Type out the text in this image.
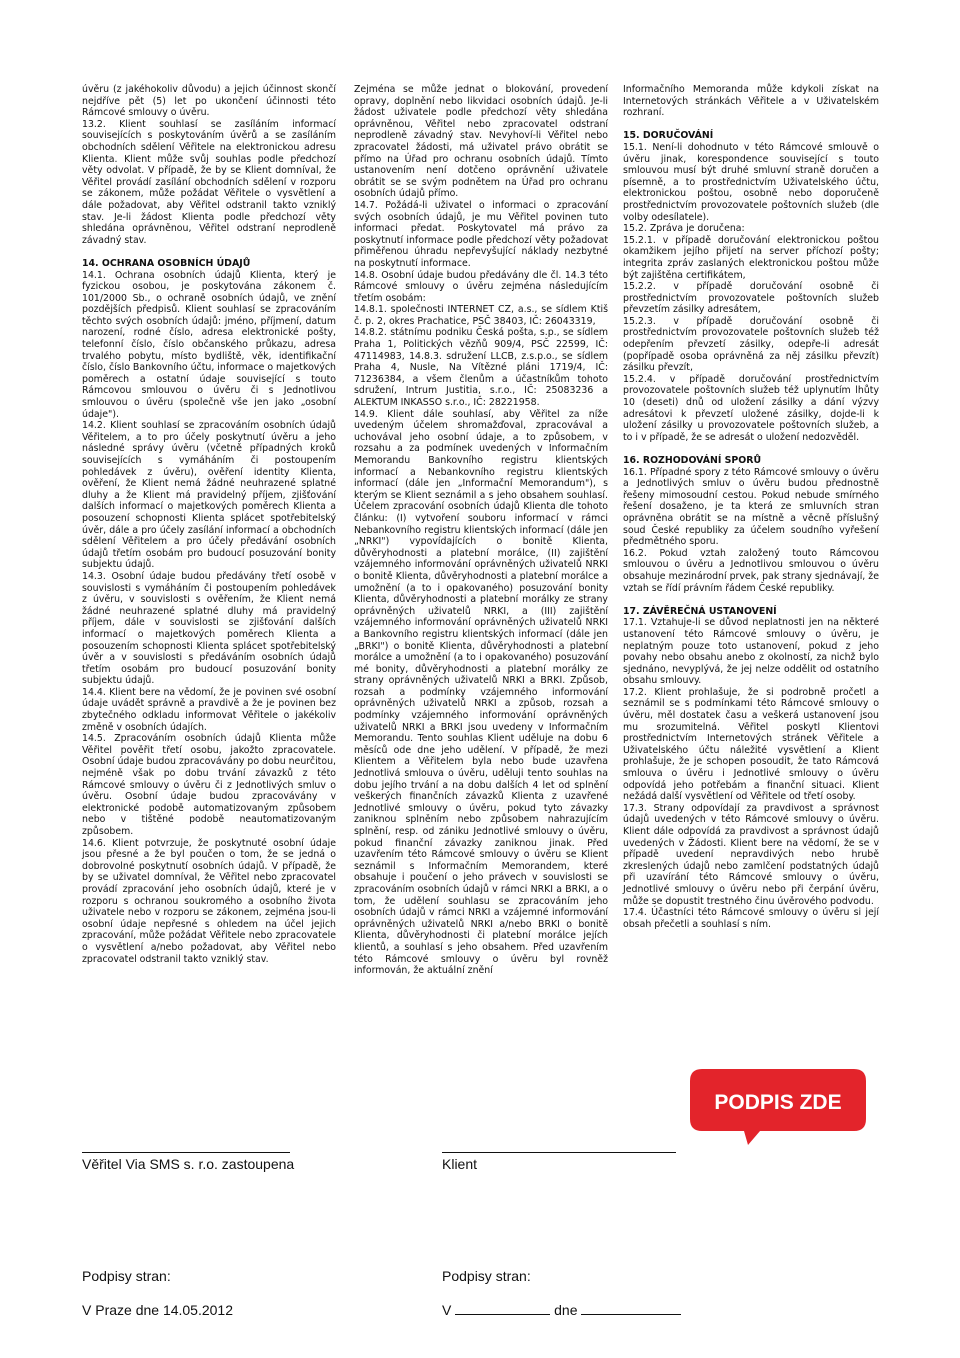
úvěru (z jakéhokoliv důvodu) a jejich účinnost skončí nejdříve pět (5) let po ukončení účinnosti této Rámcové smlouvy o úvěru.

13.2. Klient souhlasí se zasíláním informací souvisejících s poskytováním úvěrů a se zasíláním obchodních sdělení Věřitele na elektronickou adresu Klienta. Klient může svůj souhlas podle předchozí věty odvolat. V případě, že by se Klient domníval, že Věřitel provádí zasílání obchodních sdělení v rozporu se zákonem, může požádat Věřitele o vysvětlení a dále požadovat, aby Věřitel odstranil takto vzniklý stav. Je-li žádost Klienta podle předchozí věty shledána oprávněnou, Věřitel odstraní neprodleně závadný stav.

14. OCHRANA OSOBNÍCH ÚDAJŮ

14.1. Ochrana osobních údajů Klienta, který je fyzickou osobou, je poskytována zákonem č. 101/2000 Sb., o ochraně osobních údajů, ve znění pozdějších předpisů. Klient souhlasí se zpracováním těchto svých osobních údajů: jméno, příjmení, datum narození, rodné číslo, adresa elektronické pošty, telefonní číslo, číslo občanského průkazu, adresa trvalého pobytu, místo bydliště, věk, identifikační číslo, číslo Bankovního účtu, informace o majetkových poměrech a ostatní údaje související s touto Rámcovou smlouvou o úvěru či s Jednotlivou smlouvou o úvěru (společně vše jen jako „osobní údaje").

14.2. Klient souhlasí se zpracováním osobních údajů Věřitelem, a to pro účely poskytnutí úvěru a jeho následné správy úvěru (včetně případných kroků souvisejících s vymáháním či postoupením pohledávek z úvěru), ověření identity Klienta, ověření, že Klient nemá žádné neuhrazené splatné dluhy a že Klient má pravidelný příjem, zjišťování dalších informací o majetkových poměrech Klienta a posouzení schopnosti Klienta splácet spotřebitelský úvěr, dále a pro účely zasílání informací a obchodních sdělení Věřitelem a pro účely předávání osobních údajů třetím osobám pro budoucí posuzování bonity subjektu údajů.

14.3. Osobní údaje budou předávány třetí osobě v souvislosti s vymáháním či postoupením pohledávek z úvěru, v souvislosti s ověřením, že Klient nemá žádné neuhrazené splatné dluhy má pravidelný příjem, dále v souvislosti se zjišťování dalších informací o majetkových poměrech Klienta a posouzením schopnosti Klienta splácet spotřebitelský úvěr a v souvislosti s předáváním osobních údajů třetím osobám pro budoucí posuzování bonity subjektu údajů.

14.4. Klient bere na vědomí, že je povinen své osobní údaje uvádět správně a pravdivě a že je povinen bez zbytečného odkladu informovat Věřitele o jakékoliv změně v osobních údajích.

14.5. Zpracováním osobních údajů Klienta může Věřitel pověřit třetí osobu, jakožto zpracovatele. Osobní údaje budou zpracovávány po dobu neurčitou, nejméně však po dobu trvání závazků z této Rámcové smlouvy o úvěru či z Jednotlivých smluv o úvěru. Osobní údaje budou zpracovávány v elektronické podobě automatizovaným způsobem nebo v tištěné podobě neautomatizovaným způsobem.

14.6. Klient potvrzuje, že poskytnuté osobní údaje jsou přesné a že byl poučen o tom, že se jedná o dobrovolné poskytnutí osobních údajů. V případě, že by se uživatel domníval, že Věřitel nebo zpracovatel provádí zpracování jeho osobních údajů, které je v rozporu s ochranou soukromého a osobního života uživatele nebo v rozporu se zákonem, zejména jsou-li osobní údaje nepřesné s ohledem na účel jejich zpracování, může požádat Věřitele nebo zpracovatele o vysvětlení a/nebo požadovat, aby Věřitel nebo zpracovatel odstranil takto vzniklý stav.

Zejména se může jednat o blokování, provedení opravy, doplnění nebo likvidaci osobních údajů. Je-li žádost uživatele podle předchozí věty shledána oprávněnou, Věřitel nebo zpracovatel odstraní neprodleně závadný stav. Nevyhoví-li Věřitel nebo zpracovatel žádosti, má uživatel právo obrátit se přímo na Úřad pro ochranu osobních údajů. Tímto ustanovením není dotčeno oprávnění uživatele obrátit se se svým podnětem na Úřad pro ochranu osobních údajů přímo.

14.7. Požádá-li uživatel o informaci o zpracování svých osobních údajů, je mu Věřitel povinen tuto informaci předat. Poskytovatel má právo za poskytnutí informace podle předchozí věty požadovat přiměřenou úhradu nepřevyšující náklady nezbytné na poskytnutí informace.

14.8. Osobní údaje budou předávány dle čl. 14.3 této Rámcové smlouvy o úvěru zejména následujícím třetím osobám:

14.8.1. společnosti INTERNET CZ, a.s., se sídlem Ktiš č. p. 2, okres Prachatice, PSČ 38403, IČ: 26043319,

14.8.2. státnímu podniku Česká pošta, s.p., se sídlem Praha 1, Politických vězňů 909/4, PSČ 22599, IČ: 47114983, 14.8.3. sdružení LLCB, z.s.p.o., se sídlem Praha 4, Nusle, Na Vítězné pláni 1719/4, IČ: 71236384, a všem členům a účastníkům tohoto sdružení, Intrum Justitia, s.r.o., IČ: 25083236 a ALEKTUM INKASSO s.r.o., IČ: 28221958.

14.9. Klient dále souhlasí, aby Věřitel za níže uvedeným účelem shromažďoval, zpracovával a uchovával jeho osobní údaje, a to způsobem, v rozsahu a za podmínek uvedených v Informačním Memorandu Bankovního registru klientských informací a Nebankovního registru klientských informací (dále jen „Informační Memorandum"), s kterým se Klient seznámil a s jeho obsahem souhlasí. Účelem zpracování osobních údajů Klienta dle tohoto článku: (I) vytvoření souboru informací v rámci Nebankovního registru klientských informací (dále jen „NRKI") vypovídajících o bonitě Klienta, důvěryhodnosti a platební morálce, (II) zajištění vzájemného informování oprávněných uživatelů NRKI o bonitě Klienta, důvěryhodnosti a platební morálce a umožnění (a to i opakovaného) posuzování bonity Klienta, důvěryhodnosti a platební morálky ze strany oprávněných uživatelů NRKI, a (III) zajištění vzájemného informování oprávněných uživatelů NRKI a Bankovního registru klientských informací (dále jen „BRKI") o bonitě Klienta, důvěryhodnosti a platební morálce a umožnění (a to i opakovaného) posuzování mé bonity, důvěryhodnosti a platební morálky ze strany oprávněných uživatelů NRKI a BRKI. Způsob, rozsah a podmínky vzájemného informování oprávněných uživatelů NRKI a způsob, rozsah a podmínky vzájemného informování oprávněných uživatelů NRKI a BRKI jsou uvedeny v Informačním Memorandu. Tento souhlas Klient uděluje na dobu 6 měsíců ode dne jeho udělení. V případě, že mezi Klientem a Věřitelem byla nebo bude uzavřena Jednotlivá smlouva o úvěru, uděluji tento souhlas na dobu jejího trvání a na dobu dalších 4 let od splnění veškerých finančních závazků Klienta z uzavřené Jednotlivé smlouvy o úvěru, pokud tyto závazky zaniknou splněním nebo způsobem nahrazujícím splnění, resp. od zániku Jednotlivé smlouvy o úvěru, pokud finanční závazky zaniknou jinak. Před uzavřením této Rámcové smlouvy o úvěru se Klient seznámil s Informačním Memorandem, které obsahuje i poučení o jeho právech v souvislosti se zpracováním osobních údajů v rámci NRKI a BRKI, a o tom, že udělení souhlasu se zpracováním jeho osobních údajů v rámci NRKI a vzájemné informování oprávněných uživatelů NRKI a/nebo BRKI o bonitě Klienta, důvěryhodnosti či platební morálce jejích klientů, a souhlasí s jeho obsahem. Před uzavřením této Rámcové smlouvy o úvěru byl rovněž informován, že aktuální znění

Informačního Memoranda může kdykoli získat na Internetových stránkách Věřitele a v Uživatelském rozhraní.

15. DORUČOVÁNÍ

15.1. Není-li dohodnuto v této Rámcové smlouvě o úvěru jinak, korespondence související s touto smlouvou musí být druhé smluvní straně doručen a písemně, a to prostřednictvím Uživatelského účtu, elektronickou poštou, osobně nebo doporučeně prostřednictvím provozovatele poštovních služeb (dle volby odesílatele).

15.2. Zpráva je doručena:

15.2.1. v případě doručování elektronickou poštou okamžikem jejího přijetí na server příchozí pošty; integrita zpráv zaslaných elektronickou poštou může být zajištěna certifikátem,

15.2.2. v případě doručování osobně či prostřednictvím provozovatele poštovních služeb převzetím zásilky adresátem,

15.2.3. v případě doručování osobně či prostřednictvím provozovatele poštovních služeb též odepřením převzetí zásilky, odepře-li adresát (popřípadě osoba oprávněná za něj zásilku převzít) zásilku převzít,

15.2.4. v případě doručování prostřednictvím provozovatele poštovních služeb též uplynutím lhůty 10 (deseti) dnů od uložení zásilky a dání výzvy adresátovi k převzetí uložené zásilky, dojde-li k uložení zásilky u provozovatele poštovních služeb, a to i v případě, že se adresát o uložení nedozvěděl.

16. ROZHODOVÁNÍ SPORŮ

16.1. Případné spory z této Rámcové smlouvy o úvěru a Jednotlivých smluv o úvěru budou přednostně řešeny mimosoudní cestou. Pokud nebude smírného řešení dosaženo, je ta která ze smluvních stran oprávněna obrátit se na místně a věcně příslušný soud České republiky za účelem soudního vyřešení předmětného sporu.

16.2. Pokud vztah založený touto Rámcovou smlouvou o úvěru a Jednotlivou smlouvou o úvěru obsahuje mezinárodní prvek, pak strany sjednávají, že vztah se řídí právním řádem České republiky.

17. ZÁVĚREČNÁ USTANOVENÍ

17.1. Vztahuje-li se důvod neplatnosti jen na některé ustanovení této Rámcové smlouvy o úvěru, je neplatným pouze toto ustanovení, pokud z jeho povahy nebo obsahu anebo z okolností, za nichž bylo sjednáno, nevyplývá, že jej nelze oddělit od ostatního obsahu smlouvy.

17.2. Klient prohlašuje, že si podrobně pročetl a seznámil se s podmínkami této Rámcové smlouvy o úvěru, měl dostatek času a veškerá ustanovení jsou mu srozumitelná. Věřitel poskytl Klientovi prostřednictvím Internetových stránek Věřitele a Uživatelského účtu náležité vysvětlení a Klient prohlašuje, že je schopen posoudit, že tato Rámcová smlouva o úvěru i Jednotlivé smlouvy o úvěru odpovídá jeho potřebám a finanční situaci. Klient nežádá další vysvětlení od Věřitele od třetí osoby.

17.3. Strany odpovídají za pravdivost a správnost údajů uvedených v této Rámcové smlouvy o úvěru. Klient dále odpovídá za pravdivost a správnost údajů uvedených v Žádosti. Klient bere na vědomí, že se v případě uvedení nepravdivých nebo hrubě zkreslených údajů nebo zamlčení podstatných údajů při uzavírání této Rámcové smlouvy o úvěru, Jednotlivé smlouvy o úvěru nebo při čerpání úvěru, může se dopustit trestného činu úvěrového podvodu.

17.4. Účastníci této Rámcové smlouvy o úvěru si její obsah přečetli a souhlasí s ním.

Podpisy stran:	Podpisy stran:
V Praze dne 14.05.2012	V	dne
Věřitel Via SMS s. r.o. zastoupena	Klient
PODPIS ZDE
